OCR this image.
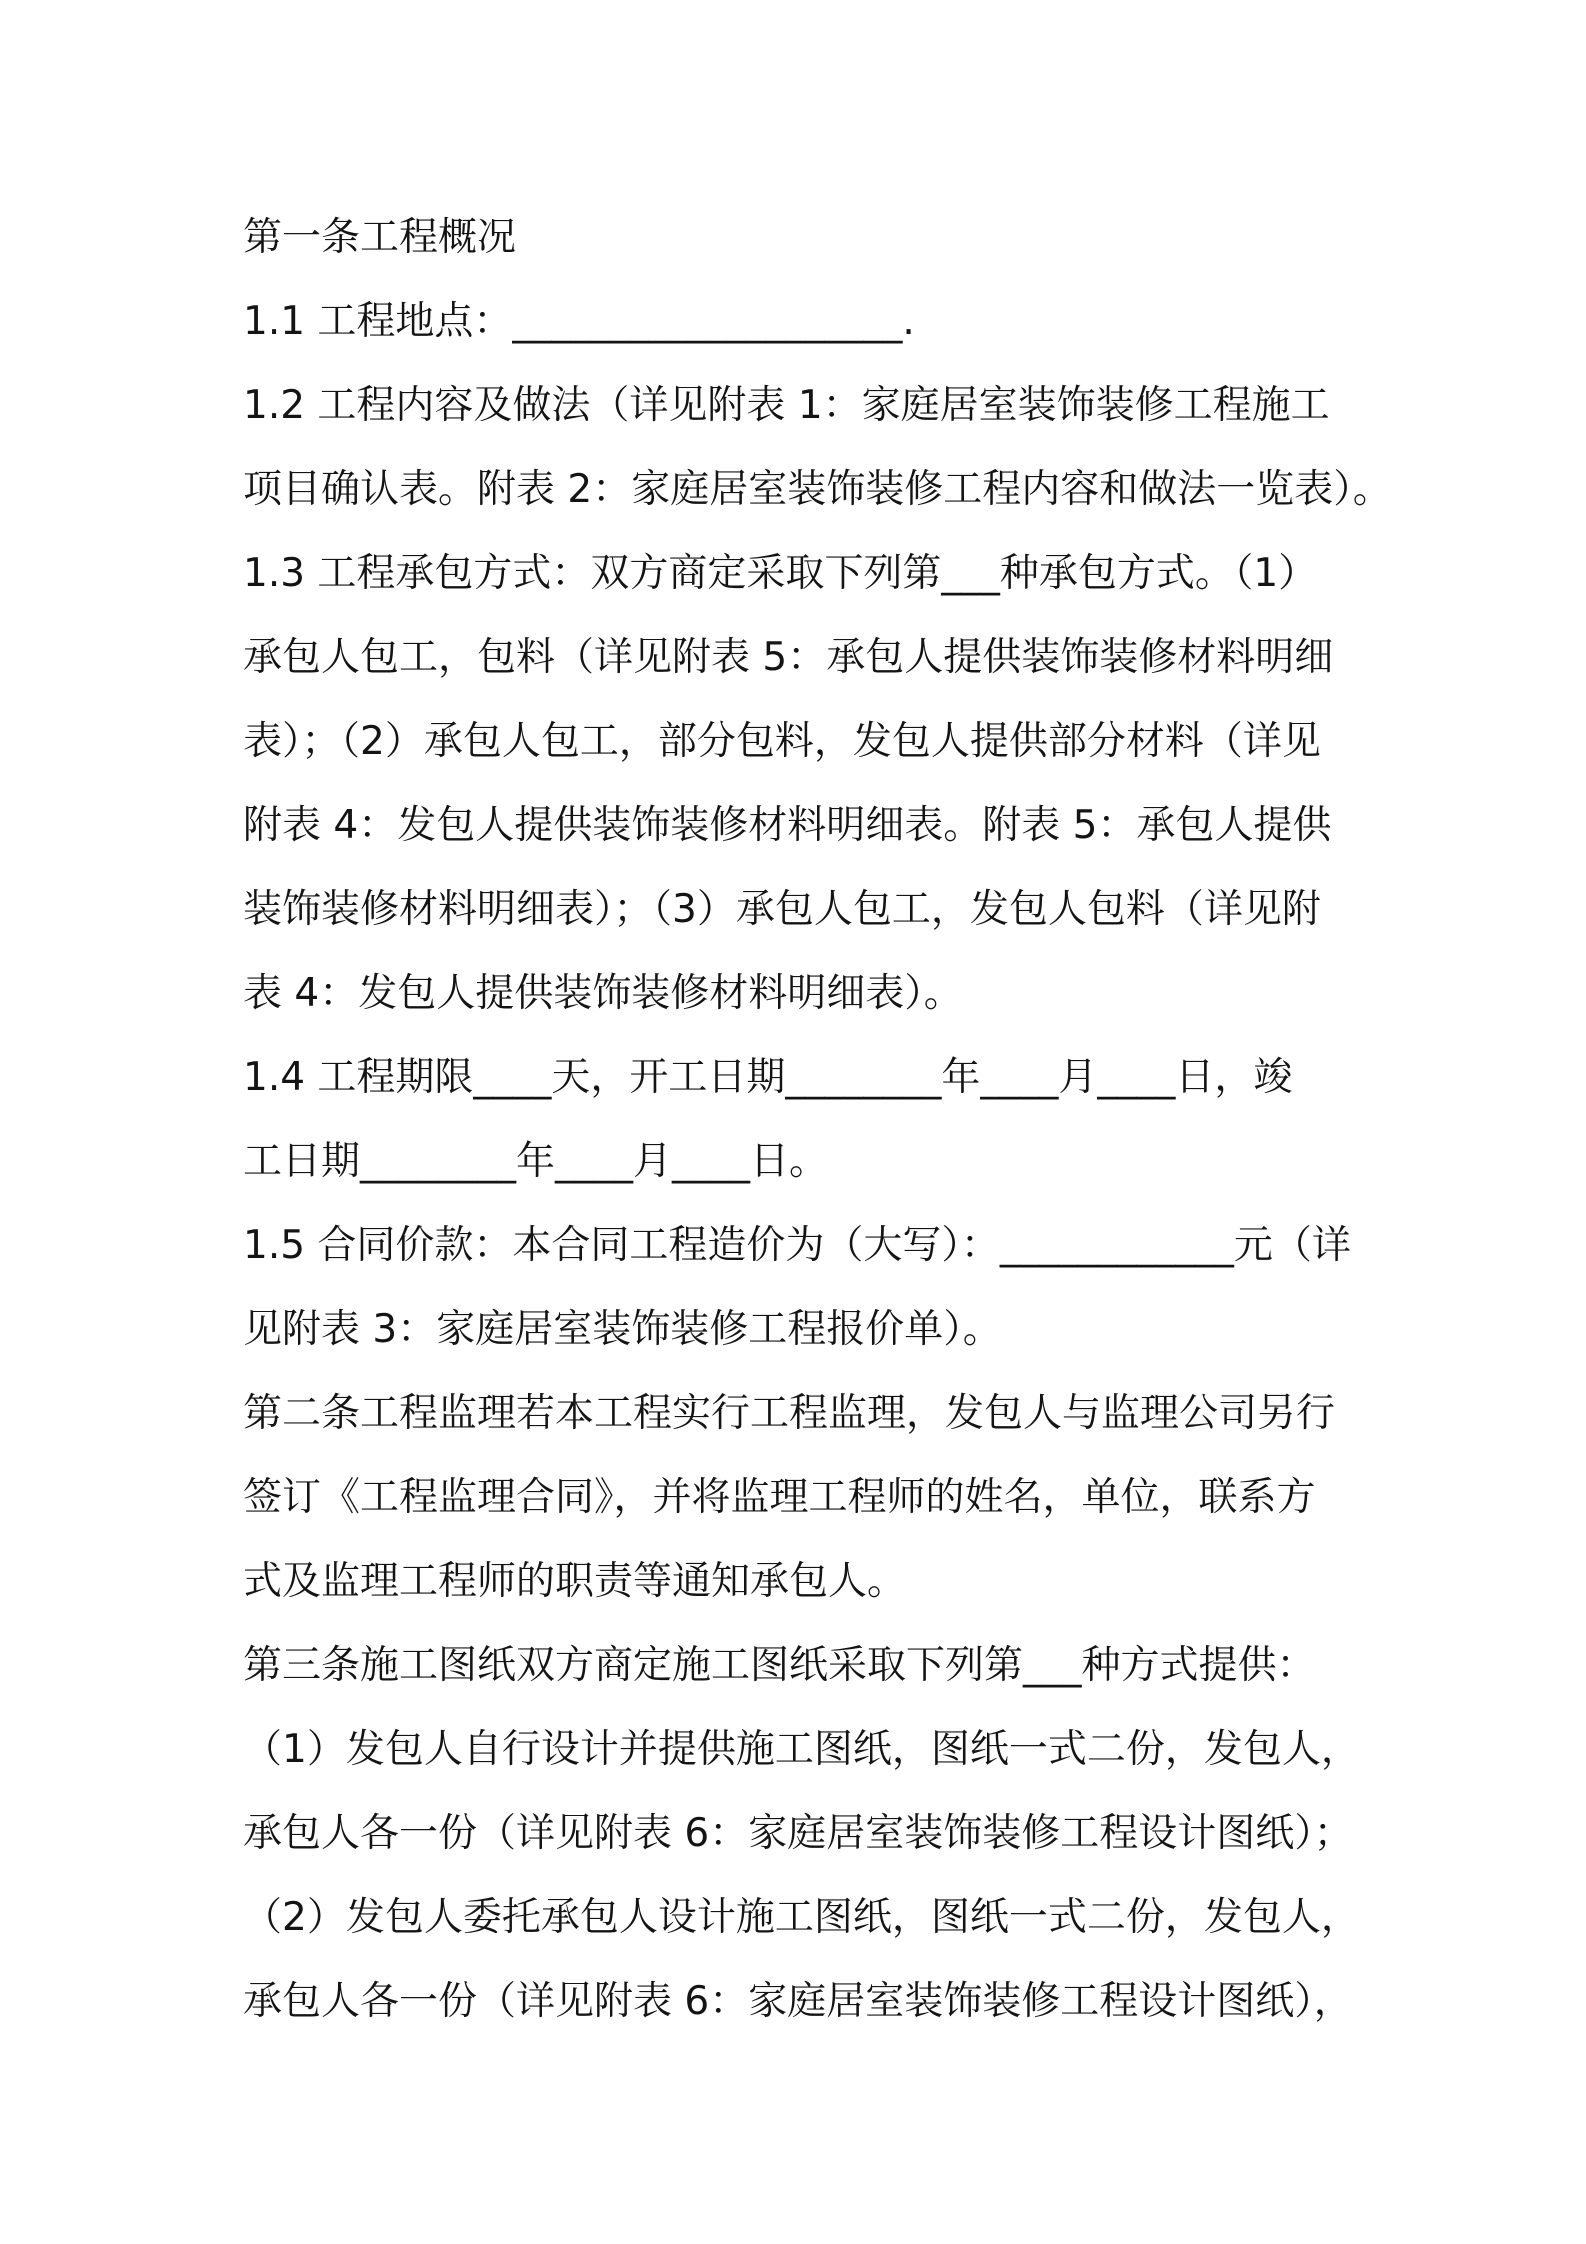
第一条工程概况
1.1 工程地点：____________________.
1.2 工程内容及做法（详见附表 1：家庭居室装饰装修工程施工
项目确认表。附表 2：家庭居室装饰装修工程内容和做法一览表）。
1.3 工程承包方式：双方商定采取下列第___种承包方式。（1）
承包人包工，包料（详见附表 5：承包人提供装饰装修材料明细
表）；（2）承包人包工，部分包料，发包人提供部分材料（详见
附表 4：发包人提供装饰装修材料明细表。附表 5：承包人提供
装饰装修材料明细表）；（3）承包人包工，发包人包料（详见附
表 4：发包人提供装饰装修材料明细表）。
1.4 工程期限____天，开工日期________年____月____日，竣
工日期________年____月____日。
1.5 合同价款：本合同工程造价为（大写）：____________元（详
见附表 3：家庭居室装饰装修工程报价单）。
第二条工程监理若本工程实行工程监理，发包人与监理公司另行
签订《工程监理合同》，并将监理工程师的姓名，单位，联系方
式及监理工程师的职责等通知承包人。
第三条施工图纸双方商定施工图纸采取下列第___种方式提供：
（1）发包人自行设计并提供施工图纸，图纸一式二份，发包人，
承包人各一份（详见附表 6：家庭居室装饰装修工程设计图纸）；
（2）发包人委托承包人设计施工图纸，图纸一式二份，发包人，
承包人各一份（详见附表 6：家庭居室装饰装修工程设计图纸），
